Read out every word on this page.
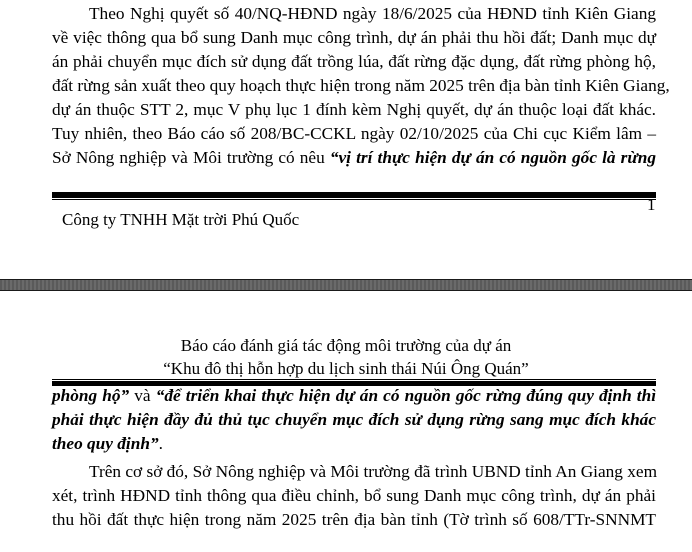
Theo Nghị quyết số 40/NQ-HĐND ngày 18/6/2025 của HĐND tỉnh Kiên Giang
về việc thông qua bổ sung Danh mục công trình, dự án phải thu hồi đất; Danh mục dự
án phải chuyển mục đích sử dụng đất trồng lúa, đất rừng đặc dụng, đất rừng phòng hộ,
đất rừng sản xuất theo quy hoạch thực hiện trong năm 2025 trên địa bàn tỉnh Kiên Giang,
dự án thuộc STT 2, mục V phụ lục 1 đính kèm Nghị quyết, dự án thuộc loại đất khác.
Tuy nhiên, theo Báo cáo số 208/BC-CCKL ngày 02/10/2025 của Chi cục Kiểm lâm –
Sở Nông nghiệp và Môi trường có nêu “vị trí thực hiện dự án có nguồn gốc là rừng
1
Công ty TNHH Mặt trời Phú Quốc
Báo cáo đánh giá tác động môi trường của dự án
“Khu đô thị hỗn hợp du lịch sinh thái Núi Ông Quán”
phòng hộ” và “để triển khai thực hiện dự án có nguồn gốc rừng đúng quy định thì
phải thực hiện đầy đủ thủ tục chuyển mục đích sử dụng rừng sang mục đích khác
theo quy định”.
Trên cơ sở đó, Sở Nông nghiệp và Môi trường đã trình UBND tỉnh An Giang xem
xét, trình HĐND tỉnh thông qua điều chỉnh, bổ sung Danh mục công trình, dự án phải
thu hồi đất thực hiện trong năm 2025 trên địa bàn tỉnh (Tờ trình số 608/TTr-SNNMT
